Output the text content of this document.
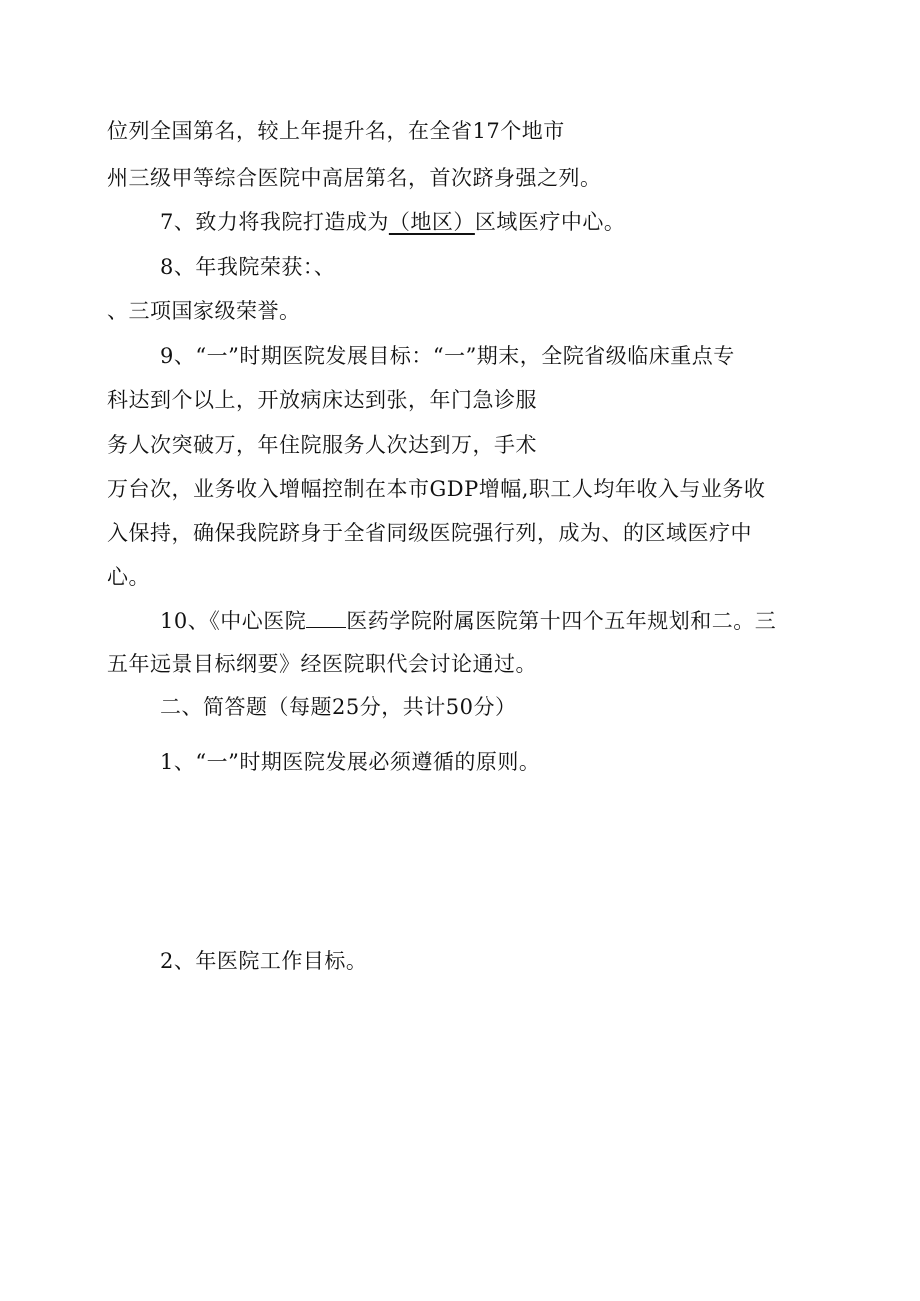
位列全国第名，较上年提升名，在全省17个地市
州三级甲等综合医院中高居第名，首次跻身强之列。
7、致力将我院打造成为（地区）区域医疗中心。
8、年我院荣获：、
、三项国家级荣誉。
9、“一”时期医院发展目标：“一”期末，全院省级临床重点专
科达到个以上，开放病床达到张，年门急诊服
务人次突破万，年住院服务人次达到万，手术
万台次，业务收入增幅控制在本市GDP增幅,职工人均年收入与业务收
入保持，确保我院跻身于全省同级医院强行列，成为、的区域医疗中
心。
10、《中心医院 医药学院附属医院第十四个五年规划和二。三
五年远景目标纲要》经医院职代会讨论通过。
二、简答题（每题25分，共计50分）
1、“一”时期医院发展必须遵循的原则。
2、年医院工作目标。
